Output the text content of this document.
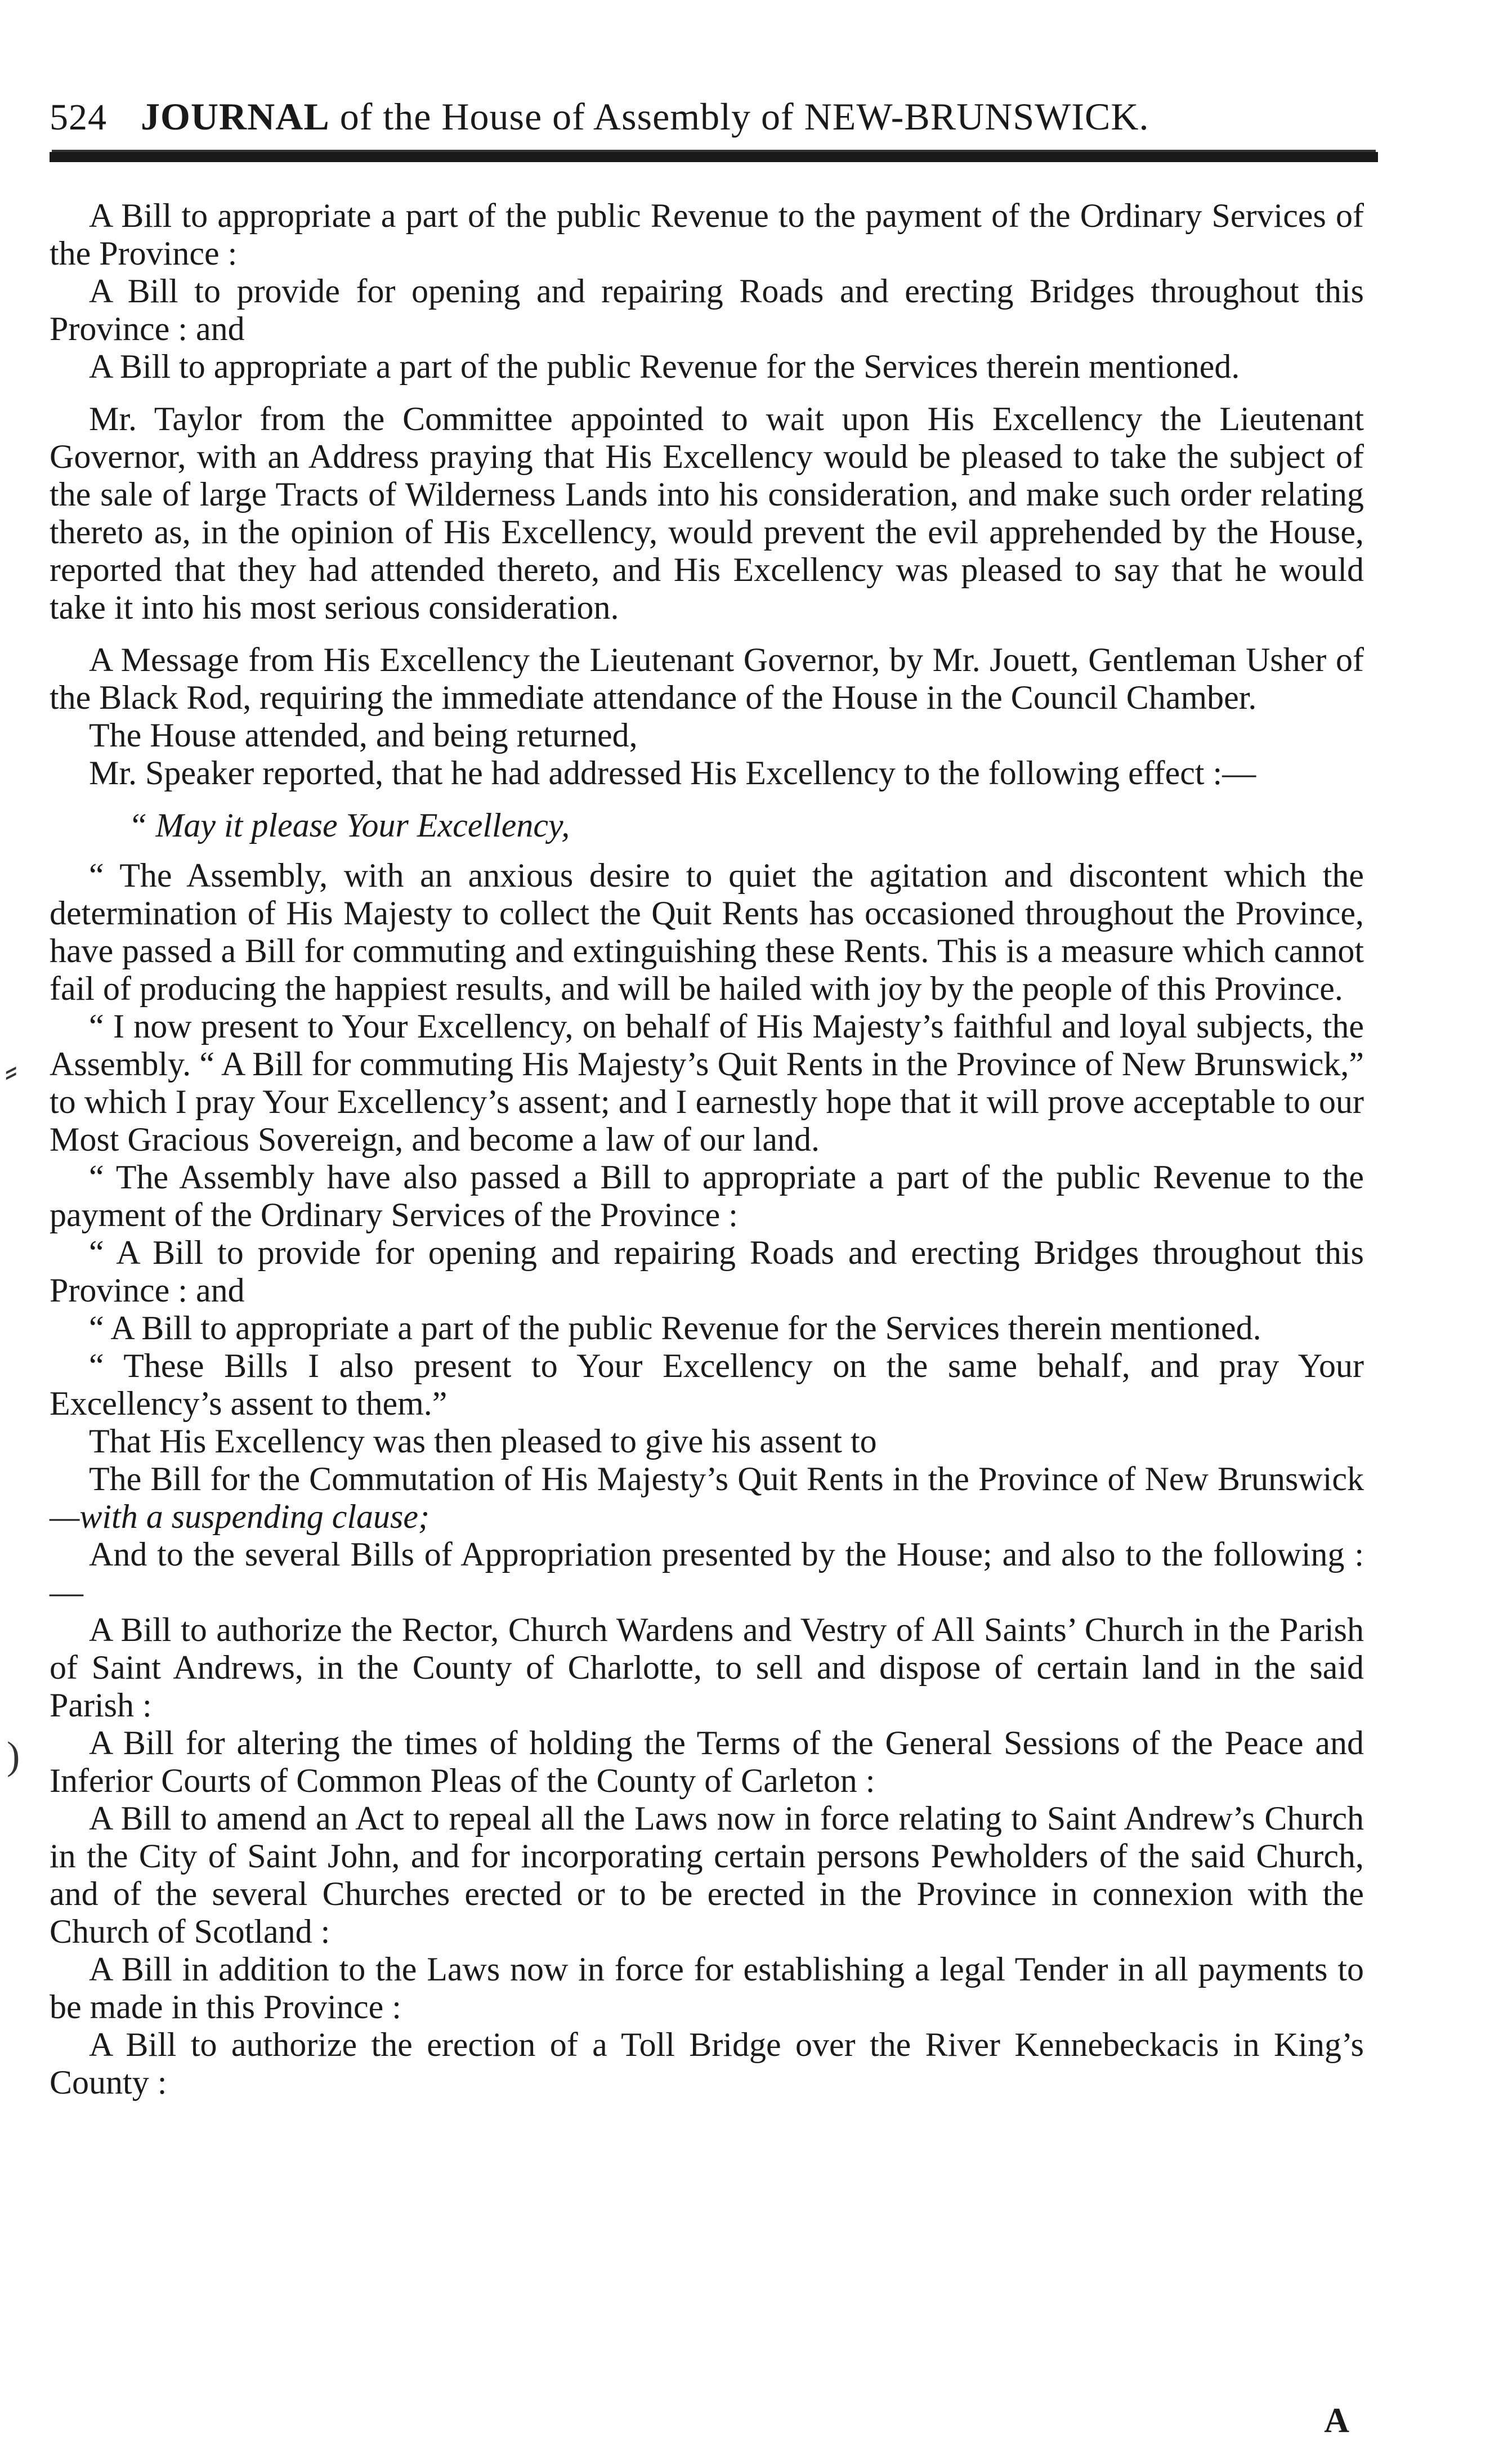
524 JOURNAL of the House of Assembly of NEW-BRUNSWICK.

A Bill to appropriate a part of the public Revenue to the payment of the Ordinary Services of the Province :

A Bill to provide for opening and repairing Roads and erecting Bridges throughout this Province : and

A Bill to appropriate a part of the public Revenue for the Services therein mentioned.

Mr. Taylor from the Committee appointed to wait upon His Excellency the Lieutenant Governor, with an Address praying that His Excellency would be pleased to take the subject of the sale of large Tracts of Wilderness Lands into his consideration, and make such order relating thereto as, in the opinion of His Excellency, would prevent the evil apprehended by the House, reported that they had attended thereto, and His Excellency was pleased to say that he would take it into his most serious consideration.

A Message from His Excellency the Lieutenant Governor, by Mr. Jouett, Gentleman Usher of the Black Rod, requiring the immediate attendance of the House in the Council Chamber.

The House attended, and being returned,

Mr. Speaker reported, that he had addressed His Excellency to the following effect :—

“ May it please Your Excellency,

“ The Assembly, with an anxious desire to quiet the agitation and discontent which the determination of His Majesty to collect the Quit Rents has occasioned throughout the Province, have passed a Bill for commuting and extinguishing these Rents. This is a measure which cannot fail of producing the happiest results, and will be hailed with joy by the people of this Province.

“ I now present to Your Excellency, on behalf of His Majesty’s faithful and loyal subjects, the Assembly. “ A Bill for commuting His Majesty’s Quit Rents in the Province of New Brunswick,” to which I pray Your Excellency’s assent; and I earnestly hope that it will prove acceptable to our Most Gracious Sovereign, and become a law of our land.

“ The Assembly have also passed a Bill to appropriate a part of the public Revenue to the payment of the Ordinary Services of the Province :

“ A Bill to provide for opening and repairing Roads and erecting Bridges throughout this Province : and

“ A Bill to appropriate a part of the public Revenue for the Services therein mentioned.

“ These Bills I also present to Your Excellency on the same behalf, and pray Your Excellency’s assent to them.”

That His Excellency was then pleased to give his assent to

The Bill for the Commutation of His Majesty’s Quit Rents in the Province of New Brunswick—with a suspending clause;

And to the several Bills of Appropriation presented by the House; and also to the following :—

A Bill to authorize the Rector, Church Wardens and Vestry of All Saints’ Church in the Parish of Saint Andrews, in the County of Charlotte, to sell and dispose of certain land in the said Parish :

A Bill for altering the times of holding the Terms of the General Sessions of the Peace and Inferior Courts of Common Pleas of the County of Carleton :

A Bill to amend an Act to repeal all the Laws now in force relating to Saint Andrew’s Church in the City of Saint John, and for incorporating certain persons Pewholders of the said Church, and of the several Churches erected or to be erected in the Province in connexion with the Church of Scotland :

A Bill in addition to the Laws now in force for establishing a legal Tender in all payments to be made in this Province :

A Bill to authorize the erection of a Toll Bridge over the River Kennebeckacis in King’s County :

⸗
)
A
